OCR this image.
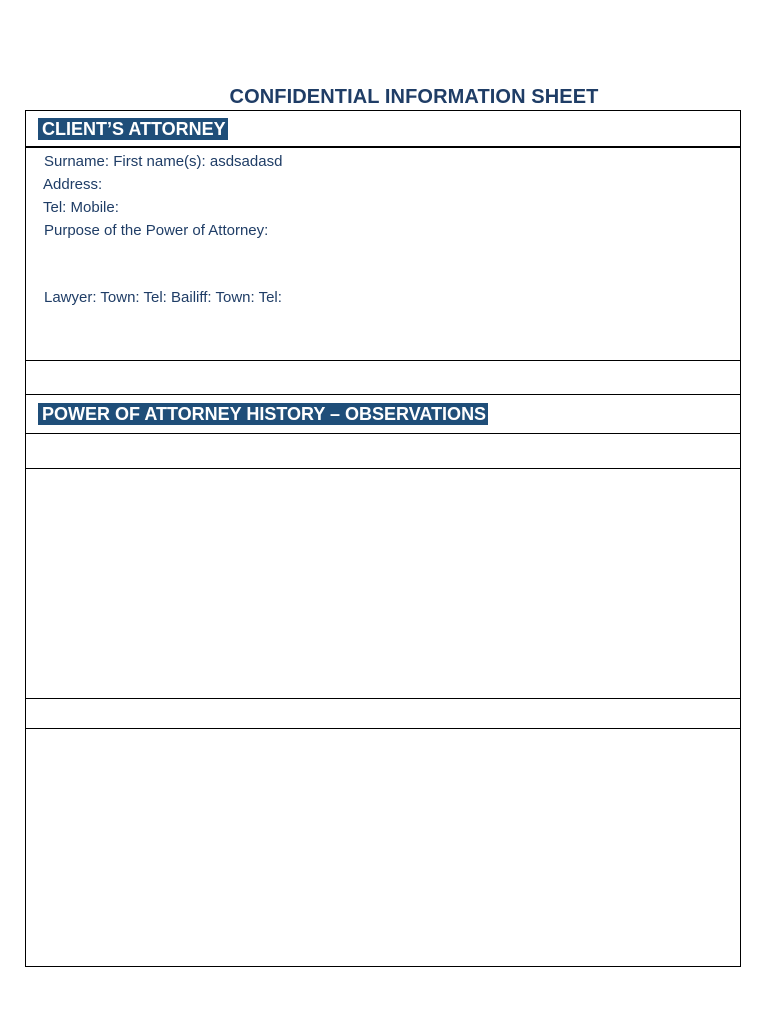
CONFIDENTIAL INFORMATION SHEET
CLIENT’S ATTORNEY
Surname: First name(s): asdsadasd
Address:
Tel: Mobile:
Purpose of the Power of Attorney:
Lawyer: Town: Tel: Bailiff: Town: Tel:
POWER OF ATTORNEY HISTORY – OBSERVATIONS
